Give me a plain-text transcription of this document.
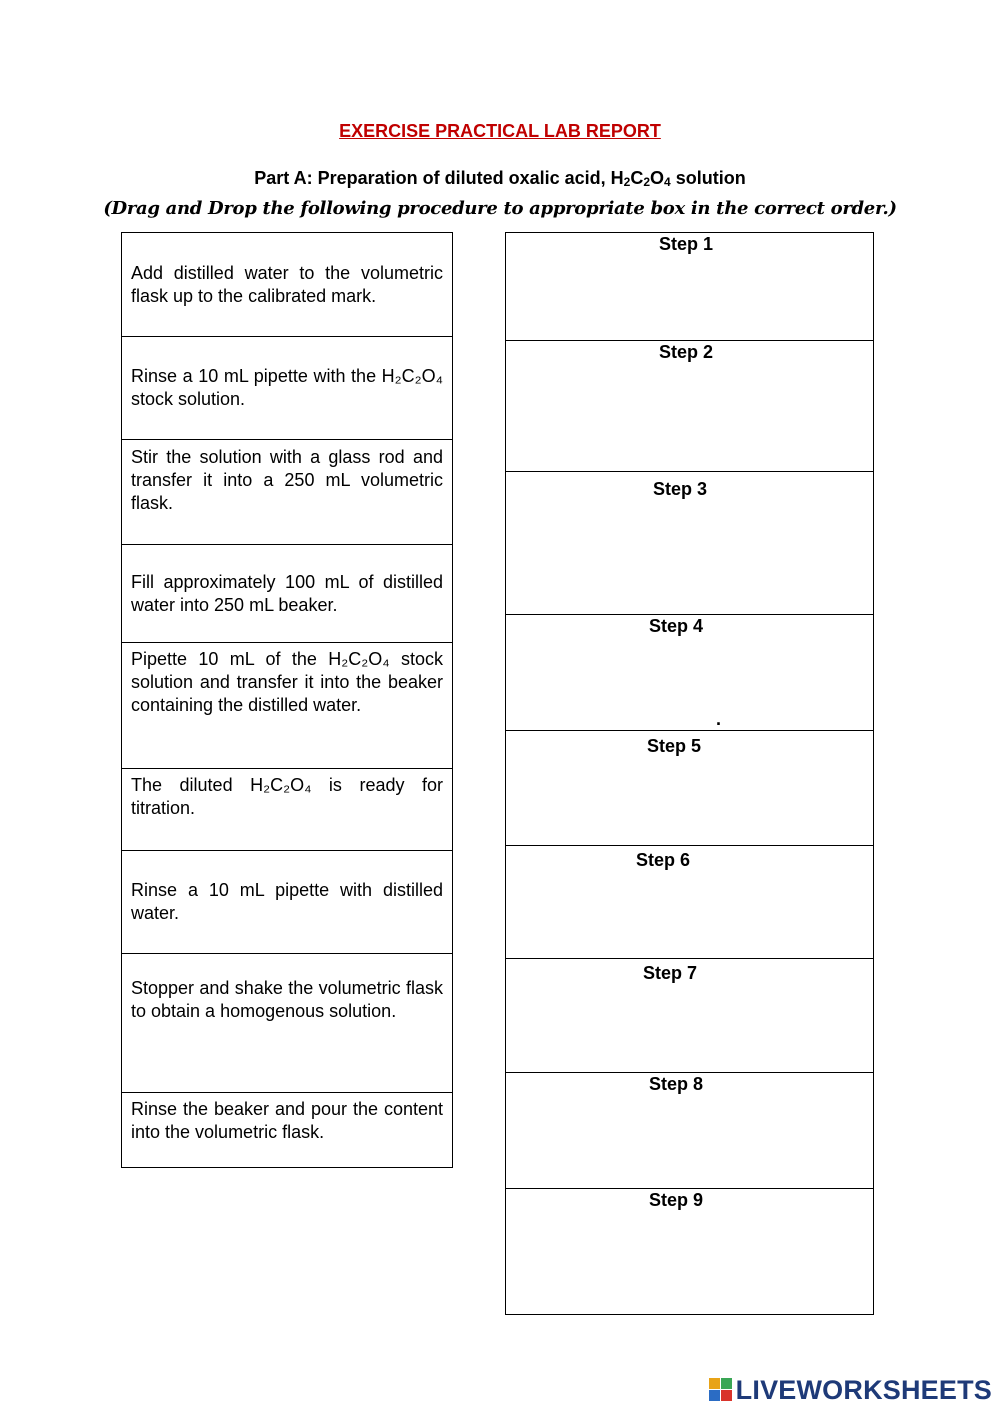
EXERCISE PRACTICAL LAB REPORT
Part A: Preparation of diluted oxalic acid, $H_2C_2O_4$ solution
(Drag and Drop the following procedure to appropriate box in the correct order.)
Add distilled water to the volumetric flask up to the calibrated mark.
Rinse a 10 mL pipette with the H₂C₂O₄ stock solution.
Stir the solution with a glass rod and transfer it into a 250 mL volumetric flask.
Fill approximately 100 mL of distilled water into 250 mL beaker.
Pipette 10 mL of the H₂C₂O₄ stock solution and transfer it into the beaker containing the distilled water.
The diluted H₂C₂O₄ is ready for titration.
Rinse a 10 mL pipette with distilled water.
Stopper and shake the volumetric flask to obtain a homogenous solution.
Rinse the beaker and pour the content into the volumetric flask.
Step 1
Step 2
Step 3
Step 4
.
Step 5
Step 6
Step 7
Step 8
Step 9
LIVEWORKSHEETS
